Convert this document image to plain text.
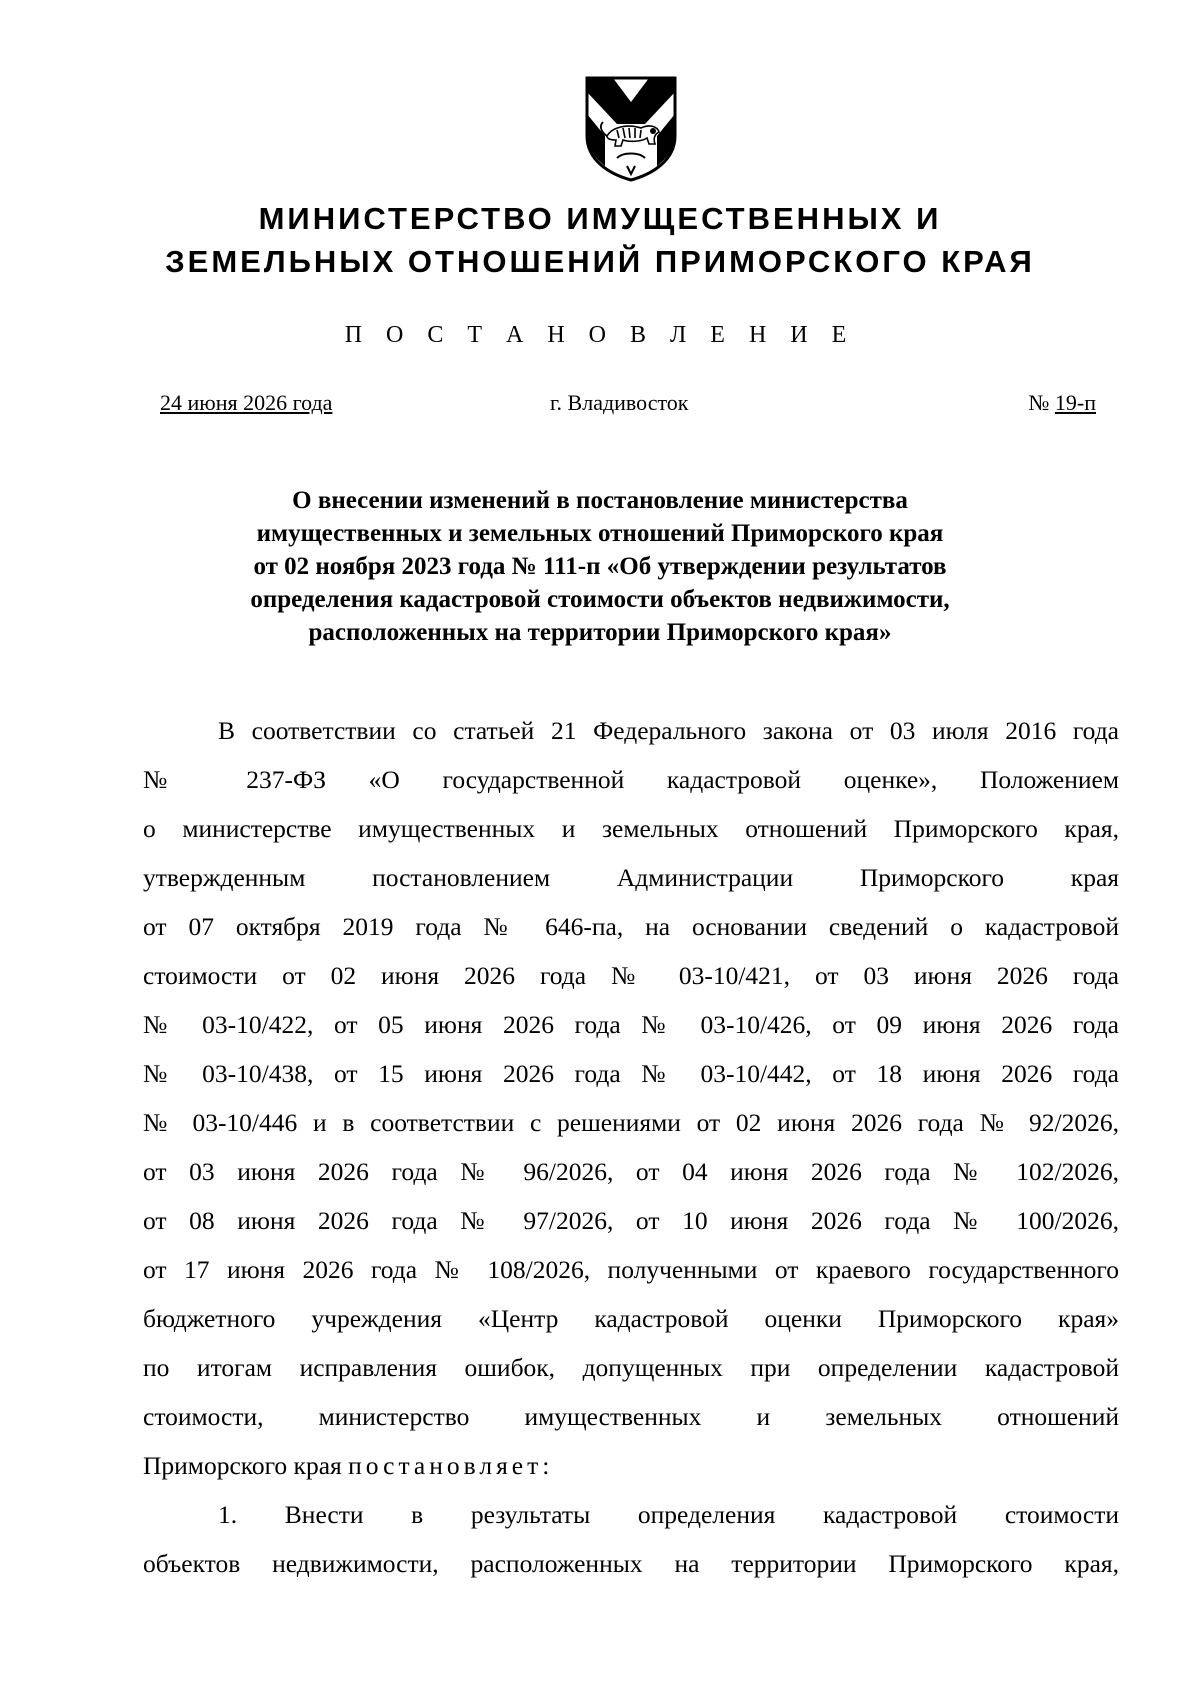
МИНИСТЕРСТВО ИМУЩЕСТВЕННЫХ И
ЗЕМЕЛЬНЫХ ОТНОШЕНИЙ ПРИМОРСКОГО КРАЯ
П О С Т А Н О В Л Е Н И Е
24 июня 2026 года	г. Владивосток	№ 19-п
О внесении изменений в постановление министерства
имущественных и земельных отношений Приморского края
от 02 ноября 2023 года № 111-п «Об утверждении результатов
определения кадастровой стоимости объектов недвижимости,
расположенных на территории Приморского края»
В соответствии со статьей 21 Федерального закона от 03 июля 2016 года
№ 237-ФЗ «О государственной кадастровой оценке», Положением
о министерстве имущественных и земельных отношений Приморского края,
утвержденным постановлением Администрации Приморского края
от 07 октября 2019 года № 646-па, на основании сведений о кадастровой
стоимости от 02 июня 2026 года № 03-10/421, от 03 июня 2026 года
№ 03-10/422, от 05 июня 2026 года № 03-10/426, от 09 июня 2026 года
№ 03-10/438, от 15 июня 2026 года № 03-10/442, от 18 июня 2026 года
№ 03-10/446 и в соответствии с решениями от 02 июня 2026 года № 92/2026,
от 03 июня 2026 года № 96/2026, от 04 июня 2026 года № 102/2026,
от 08 июня 2026 года № 97/2026, от 10 июня 2026 года № 100/2026,
от 17 июня 2026 года № 108/2026, полученными от краевого государственного
бюджетного учреждения «Центр кадастровой оценки Приморского края»
по итогам исправления ошибок, допущенных при определении кадастровой
стоимости, министерство имущественных и земельных отношений
Приморского края постановляет:
1. Внести в результаты определения кадастровой стоимости
объектов недвижимости, расположенных на территории Приморского края,
